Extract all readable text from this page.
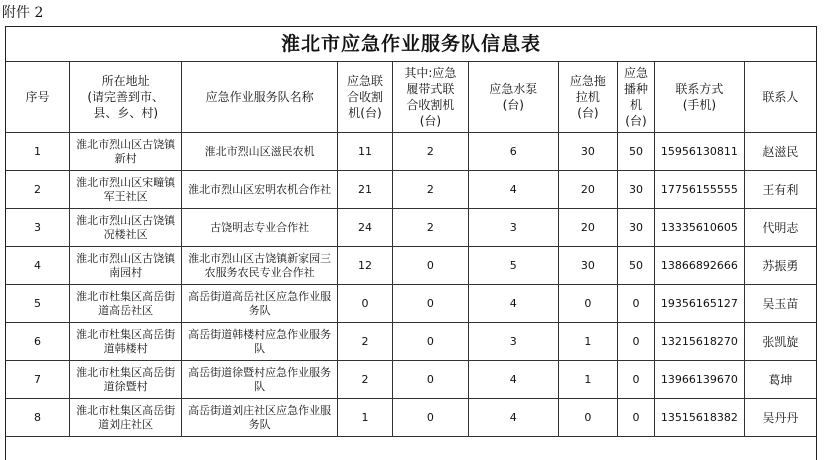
附件 2
淮北市应急作业服务队信息表
序号	所在地址
(请完善到市、
县、乡、村)	应急作业服务队名称	应急联
合收割
机(台)	其中:应急
履带式联
合收割机
(台)	应急水泵
(台)	应急拖
拉机
(台)	应急
播种
机
(台)	联系方式
(手机)	联系人
1	淮北市烈山区古饶镇新村	淮北市烈山区滋民农机	11	2	6	30	50	15956130811	赵滋民
2	淮北市烈山区宋疃镇军王社区	淮北市烈山区宏明农机合作社	21	2	4	20	30	17756155555	王有利
3	淮北市烈山区古饶镇况楼社区	古饶明志专业合作社	24	2	3	20	30	13335610605	代明志
4	淮北市烈山区古饶镇南园村	淮北市烈山区古饶镇新家园三农服务农民专业合作社	12	0	5	30	50	13866892666	苏振勇
5	淮北市杜集区高岳街道高岳社区	高岳街道高岳社区应急作业服务队	0	0	4	0	0	19356165127	吴玉苗
6	淮北市杜集区高岳街道韩楼村	高岳街道韩楼村应急作业服务队	2	0	3	1	0	13215618270	张凯旋
7	淮北市杜集区高岳街道徐暨村	高岳街道徐暨村应急作业服务队	2	0	4	1	0	13966139670	葛坤
8	淮北市杜集区高岳街道刘庄社区	高岳街道刘庄社区应急作业服务队	1	0	4	0	0	13515618382	吴丹丹
